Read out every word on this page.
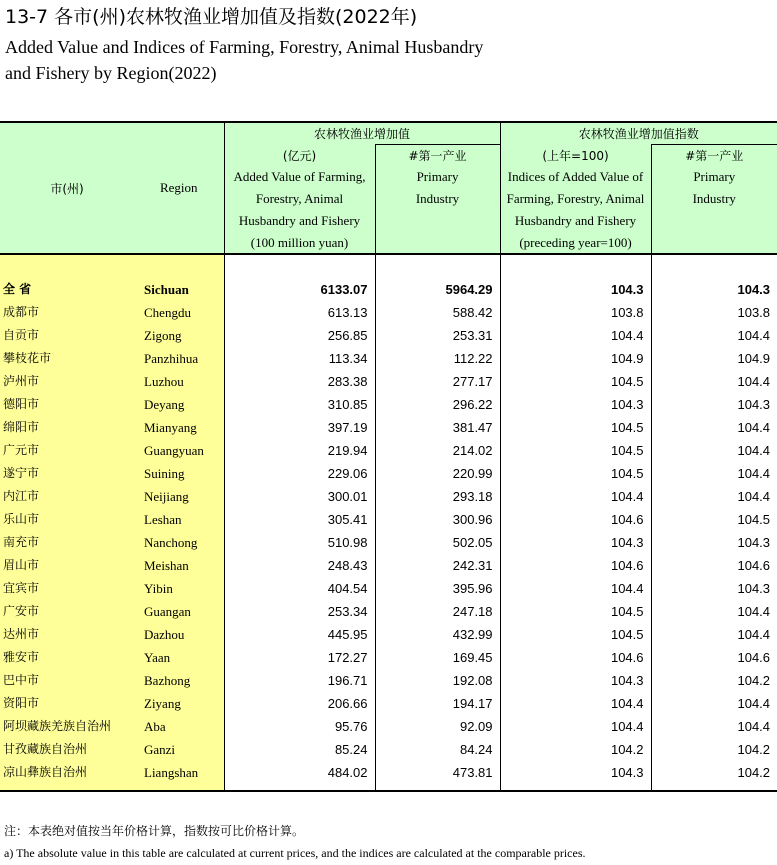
13-7 各市(州)农林牧渔业增加值及指数(2022年)
Added Value and Indices of Farming, Forestry, Animal Husbandry
and Fishery by Region(2022)
市(州)	Region	农林牧渔业增加值		农林牧渔业增加值指数	
		(亿元)	#第一产业	(上年=100)	#第一产业
		Added Value of Farming,	Primary	Indices of Added Value of	Primary
		Forestry, Animal	Industry	Farming, Forestry, Animal	Industry
		Husbandry and Fishery		Husbandry and Fishery	
		(100 million yuan)		(preceding year=100)	

全 省	Sichuan	6133.07	5964.29	104.3	104.3
成都市	Chengdu	613.13	588.42	103.8	103.8
自贡市	Zigong	256.85	253.31	104.4	104.4
攀枝花市	Panzhihua	113.34	112.22	104.9	104.9
泸州市	Luzhou	283.38	277.17	104.5	104.4
德阳市	Deyang	310.85	296.22	104.3	104.3
绵阳市	Mianyang	397.19	381.47	104.5	104.4
广元市	Guangyuan	219.94	214.02	104.5	104.4
遂宁市	Suining	229.06	220.99	104.5	104.4
内江市	Neijiang	300.01	293.18	104.4	104.4
乐山市	Leshan	305.41	300.96	104.6	104.5
南充市	Nanchong	510.98	502.05	104.3	104.3
眉山市	Meishan	248.43	242.31	104.6	104.6
宜宾市	Yibin	404.54	395.96	104.4	104.3
广安市	Guangan	253.34	247.18	104.5	104.4
达州市	Dazhou	445.95	432.99	104.5	104.4
雅安市	Yaan	172.27	169.45	104.6	104.6
巴中市	Bazhong	196.71	192.08	104.3	104.2
资阳市	Ziyang	206.66	194.17	104.4	104.4
阿坝藏族羌族自治州	Aba	95.76	92.09	104.4	104.4
甘孜藏族自治州	Ganzi	85.24	84.24	104.2	104.2
凉山彝族自治州	Liangshan	484.02	473.81	104.3	104.2

注：本表绝对值按当年价格计算，指数按可比价格计算。
a) The absolute value in this table are calculated at current prices, and the indices are calculated at the comparable prices.
